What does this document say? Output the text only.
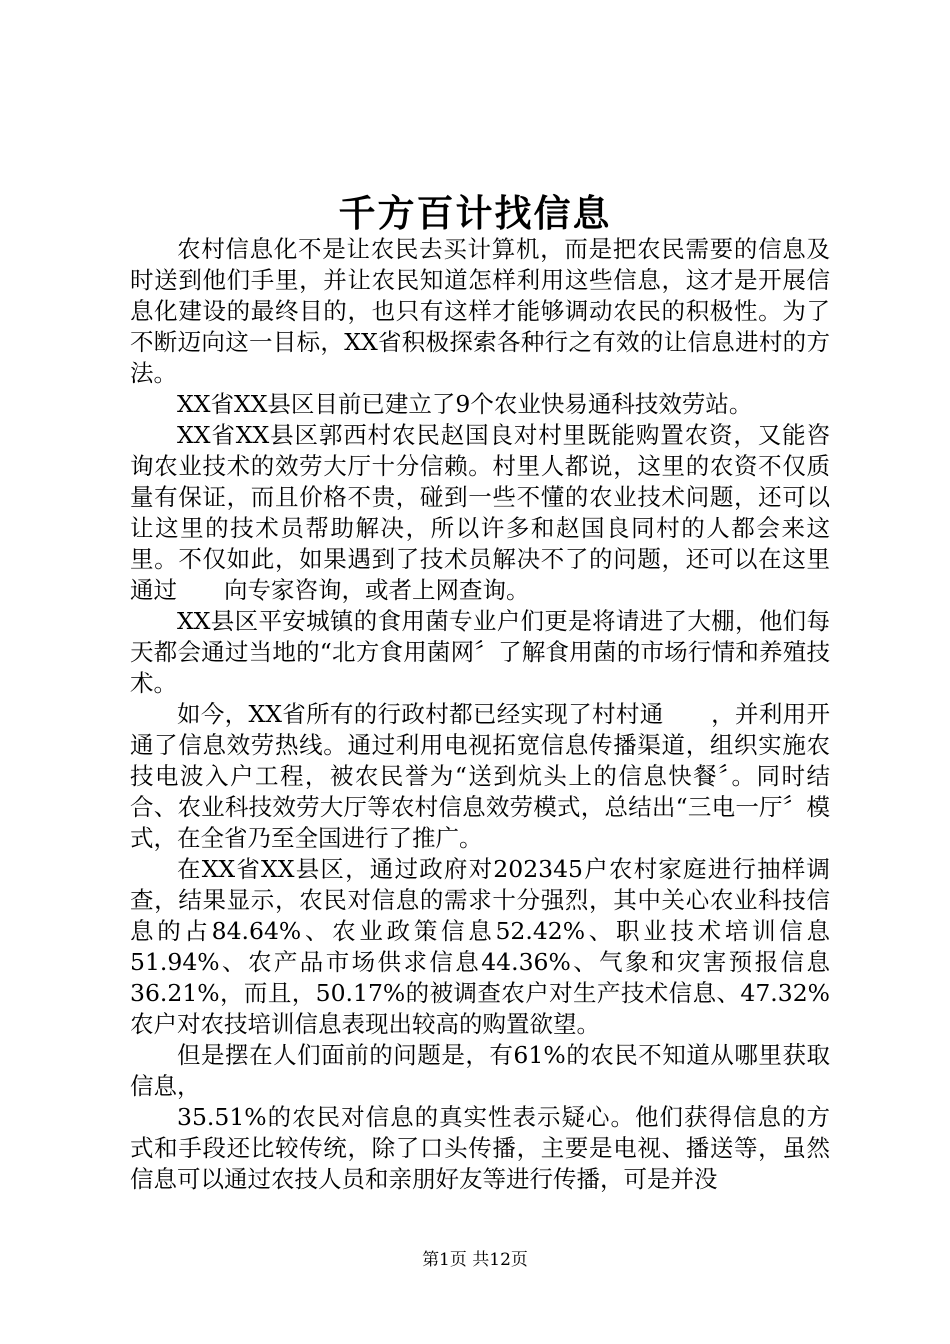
千方百计找信息

农村信息化不是让农民去买计算机，而是把农民需要的信息及时送到他们手里，并让农民知道怎样利用这些信息，这才是开展信息化建设的最终目的，也只有这样才能够调动农民的积极性。为了不断迈向这一目标，XX省积极探索各种行之有效的让信息进村的方法。

XX省XX县区目前已建立了9个农业快易通科技效劳站。

XX省XX县区郭西村农民赵国良对村里既能购置农资，又能咨询农业技术的效劳大厅十分信赖。村里人都说，这里的农资不仅质量有保证，而且价格不贵，碰到一些不懂的农业技术问题，还可以让这里的技术员帮助解决，所以许多和赵国良同村的人都会来这里。不仅如此，如果遇到了技术员解决不了的问题，还可以在这里通过　　向专家咨询，或者上网查询。

XX县区平安城镇的食用菌专业户们更是将请进了大棚，他们每天都会通过当地的“北方食用菌网〞了解食用菌的市场行情和养殖技术。

如今，XX省所有的行政村都已经实现了村村通　　，并利用开通了信息效劳热线。通过利用电视拓宽信息传播渠道，组织实施农技电波入户工程，被农民誉为“送到炕头上的信息快餐〞。同时结合、农业科技效劳大厅等农村信息效劳模式，总结出“三电一厅〞模式，在全省乃至全国进行了推广。

在XX省XX县区，通过政府对202345户农村家庭进行抽样调查，结果显示，农民对信息的需求十分强烈，其中关心农业科技信息的占84.64%、农业政策信息52.42%、职业技术培训信息51.94%、农产品市场供求信息44.36%、气象和灾害预报信息36.21%，而且，50.17%的被调查农户对生产技术信息、47.32%农户对农技培训信息表现出较高的购置欲望。

但是摆在人们面前的问题是，有61%的农民不知道从哪里获取信息，

35.51%的农民对信息的真实性表示疑心。他们获得信息的方式和手段还比较传统，除了口头传播，主要是电视、播送等，虽然信息可以通过农技人员和亲朋好友等进行传播，可是并没

第1页 共12页
